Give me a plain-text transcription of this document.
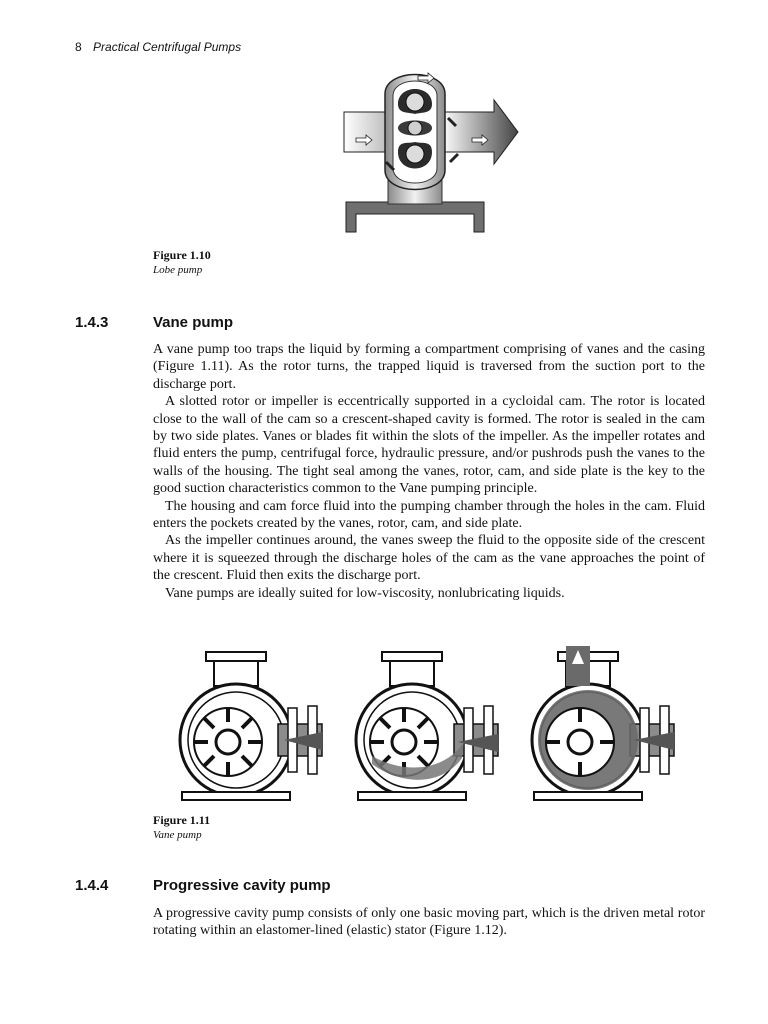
8 Practical Centrifugal Pumps
Figure 1.10
Lobe pump
1.4.3	Vane pump

A vane pump too traps the liquid by forming a compartment comprising of vanes and the casing (Figure 1.11). As the rotor turns, the trapped liquid is traversed from the suction port to the discharge port.

A slotted rotor or impeller is eccentrically supported in a cycloidal cam. The rotor is located close to the wall of the cam so a crescent-shaped cavity is formed. The rotor is sealed in the cam by two side plates. Vanes or blades fit within the slots of the impeller. As the impeller rotates and fluid enters the pump, centrifugal force, hydraulic pressure, and/or pushrods push the vanes to the walls of the housing. The tight seal among the vanes, rotor, cam, and side plate is the key to the good suction characteristics common to the Vane pumping principle.

The housing and cam force fluid into the pumping chamber through the holes in the cam. Fluid enters the pockets created by the vanes, rotor, cam, and side plate.

As the impeller continues around, the vanes sweep the fluid to the opposite side of the crescent where it is squeezed through the discharge holes of the cam as the vane approaches the point of the crescent. Fluid then exits the discharge port.

Vane pumps are ideally suited for low-viscosity, nonlubricating liquids.

Figure 1.11
Vane pump
1.4.4	Progressive cavity pump

A progressive cavity pump consists of only one basic moving part, which is the driven metal rotor rotating within an elastomer-lined (elastic) stator (Figure 1.12).
